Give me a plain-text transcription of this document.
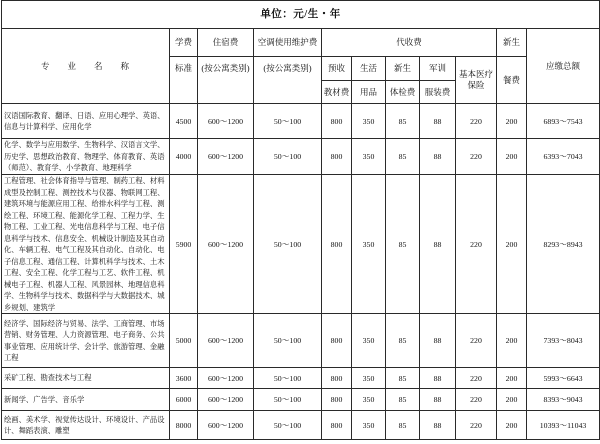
单位：元/生・年										
专业名称	学费	住宿费	空调使用维护费	代收费					新生	应缴总额
	标准	(按公寓类别)	(按公寓类别)	预收	生活	新生	军训	基本医疗保险	餐费	
				教材费	用品	体检费	服装费			
汉语国际教育、翻译、日语、应用心理学、英语、信息与计算科学、应用化学	4500	600～1200	50～100	800	350	85	88	220	200	6893～7543
化学、数学与应用数学、生物科学、汉语言文学、历史学、思想政治教育、物理学、体育教育、英语（师范）、教育学、小学教育、地理科学	4000	600～1200	50～100	800	350	85	88	220	200	6393～7043
工程管理、社会体育指导与管理、制药工程、材料成型及控制工程、测控技术与仪器、物联网工程、建筑环境与能源应用工程、给排水科学与工程、测绘工程、环境工程、能源化学工程、工程力学、生物工程、工业工程、光电信息科学与工程、电子信息科学与技术、信息安全、机械设计制造及其自动化、车辆工程、电气工程及其自动化、自动化、电子信息工程、通信工程、计算机科学与技术、土木工程、安全工程、化学工程与工艺、软件工程、机械电子工程、机器人工程、风景园林、地理信息科学、生物科学与技术、数据科学与大数据技术、城乡规划、建筑学	5900	600～1200	50～100	800	350	85	88	220	200	8293～8943
经济学、国际经济与贸易、法学、工商管理、市场营销、财务管理、人力资源管理、电子商务、公共事业管理、应用统计学、会计学、旅游管理、金融工程	5000	600～1200	50～100	800	350	85	88	220	200	7393～8043
采矿工程、勘查技术与工程	3600	600～1200	50～100	800	350	85	88	220	200	5993～6643
新闻学、广告学、音乐学	6000	600～1200	50～100	800	350	85	88	220	200	8393～9043
绘画、美术学、视觉传达设计、环境设计、产品设计、舞蹈表演、雕塑	8000	600～1200	50～100	800	350	85	88	220	200	10393～11043
